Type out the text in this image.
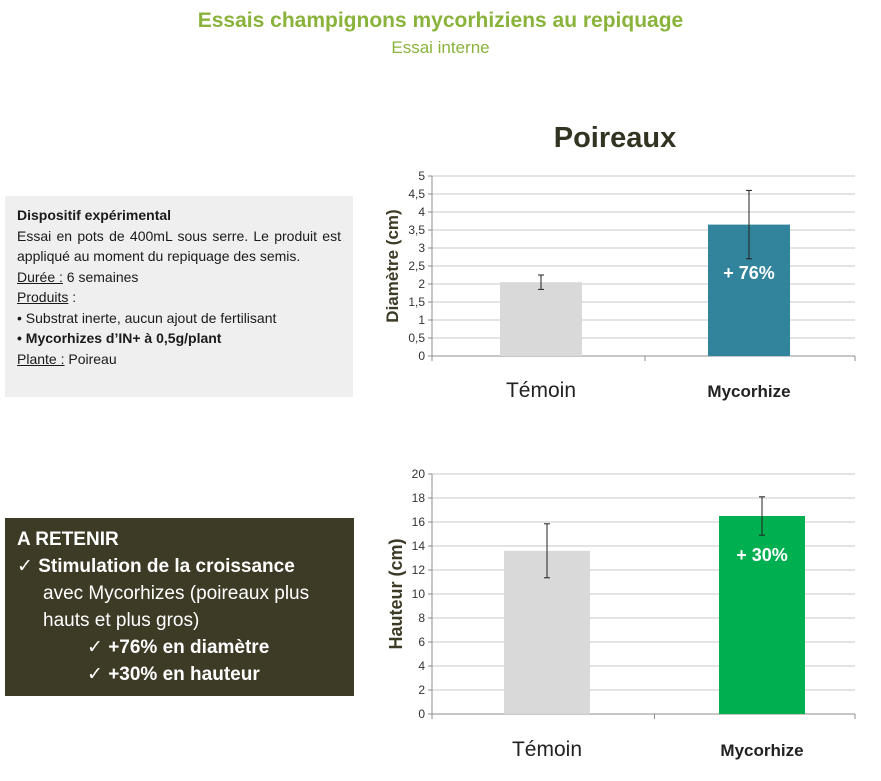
Essais champignons mycorhiziens au repiquage
Essai interne
Dispositif expérimental
Essai en pots de 400mL sous serre. Le produit est appliqué au moment du repiquage des semis.
Durée : 6 semaines
Produits :
• Substrat inerte, aucun ajout de fertilisant
• Mycorhizes d’IN+ à 0,5g/plant
Plante : Poireau
A RETENIR
✓ Stimulation de la croissance
avec Mycorhizes (poireaux plus
hauts et plus gros)
✓ +76% en diamètre
✓ +30% en hauteur
Poireaux
0
0,5
1
1,5
2
2,5
3
3,5
4
4,5
5
Diamètre (cm)
Témoin	Mycorhize
+ 76%
0
2
4
6
8
10
12
14
16
18
20
Hauteur (cm)
Témoin	Mycorhize
+ 30%
